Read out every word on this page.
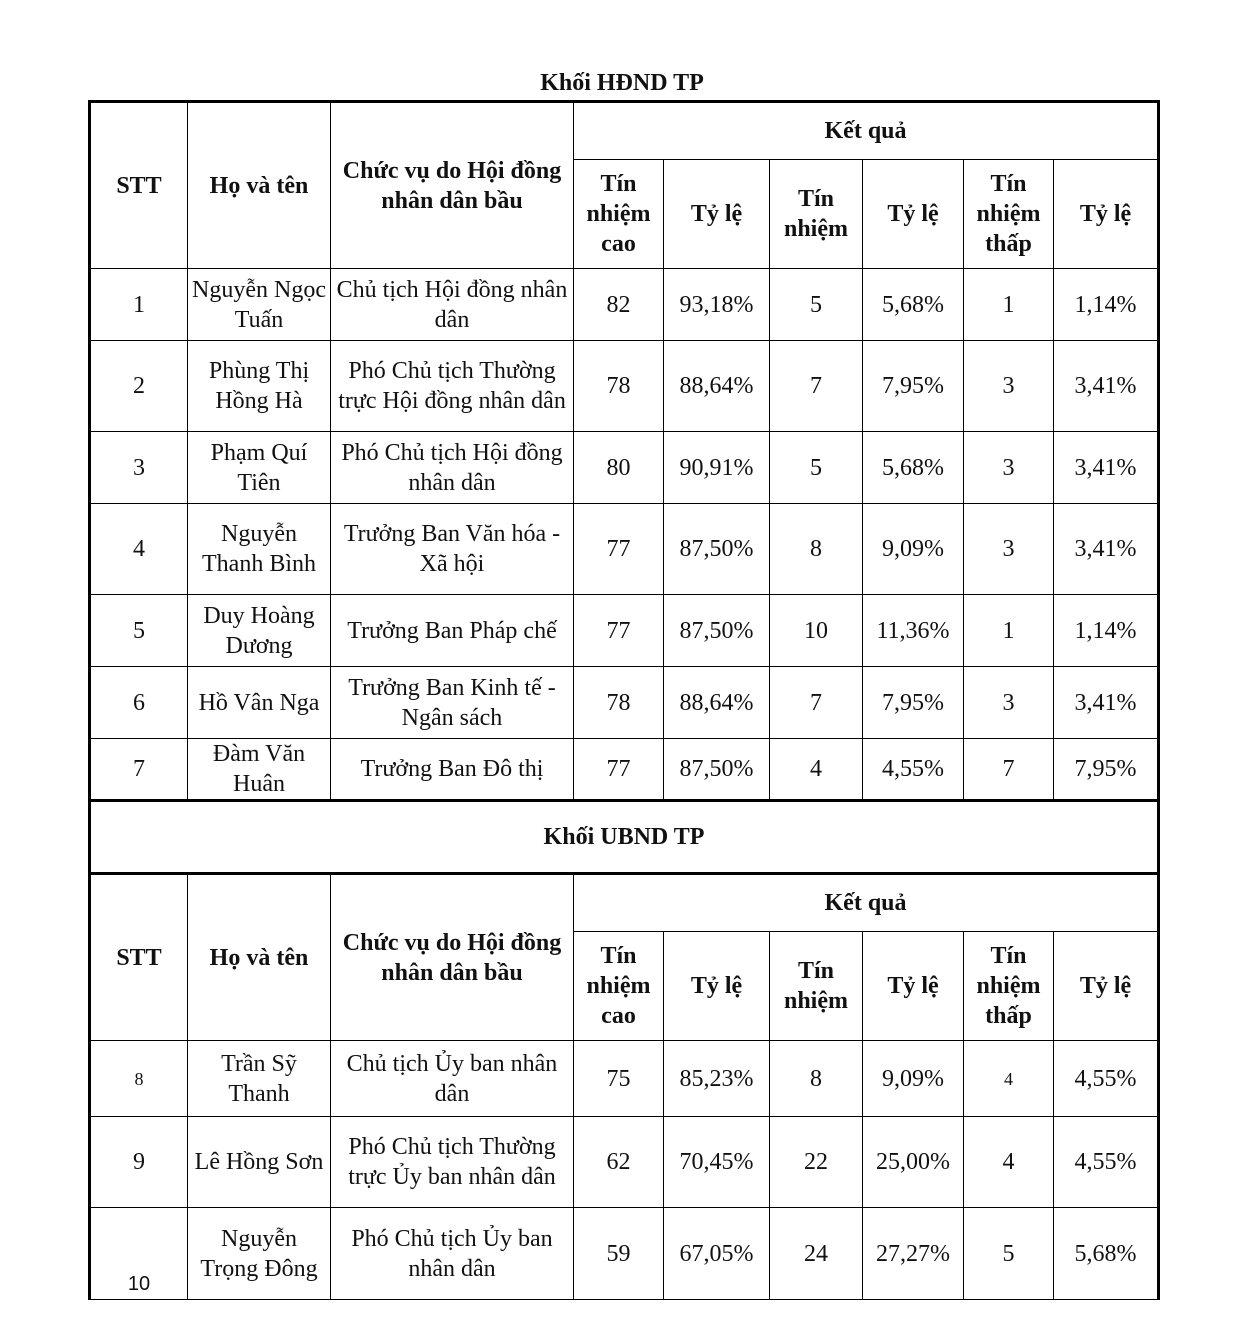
Khối HĐND TP
STT	Họ và tên	Chức vụ do Hội đồng nhân dân bầu	Kết quả					
			Tín nhiệm cao	Tỷ lệ	Tín nhiệm	Tỷ lệ	Tín nhiệm thấp	Tỷ lệ
1	Nguyễn Ngọc Tuấn	Chủ tịch Hội đồng nhân dân	82	93,18%	5	5,68%	1	1,14%
2	Phùng Thị Hồng Hà	Phó Chủ tịch Thường trực Hội đồng nhân dân	78	88,64%	7	7,95%	3	3,41%
3	Phạm Quí Tiên	Phó Chủ tịch Hội đồng nhân dân	80	90,91%	5	5,68%	3	3,41%
4	Nguyễn Thanh Bình	Trưởng Ban Văn hóa - Xã hội	77	87,50%	8	9,09%	3	3,41%
5	Duy Hoàng Dương	Trưởng Ban Pháp chế	77	87,50%	10	11,36%	1	1,14%
6	Hồ Vân Nga	Trưởng Ban Kinh tế - Ngân sách	78	88,64%	7	7,95%	3	3,41%
7	Đàm Văn Huân	Trưởng Ban Đô thị	77	87,50%	4	4,55%	7	7,95%
Khối UBND TP								
STT	Họ và tên	Chức vụ do Hội đồng nhân dân bầu	Kết quả					
			Tín nhiệm cao	Tỷ lệ	Tín nhiệm	Tỷ lệ	Tín nhiệm thấp	Tỷ lệ
8	Trần Sỹ Thanh	Chủ tịch Ủy ban nhân dân	75	85,23%	8	9,09%	4	4,55%
9	Lê Hồng Sơn	Phó Chủ tịch Thường trực Ủy ban nhân dân	62	70,45%	22	25,00%	4	4,55%
10	Nguyễn Trọng Đông	Phó Chủ tịch Ủy ban nhân dân	59	67,05%	24	27,27%	5	5,68%
